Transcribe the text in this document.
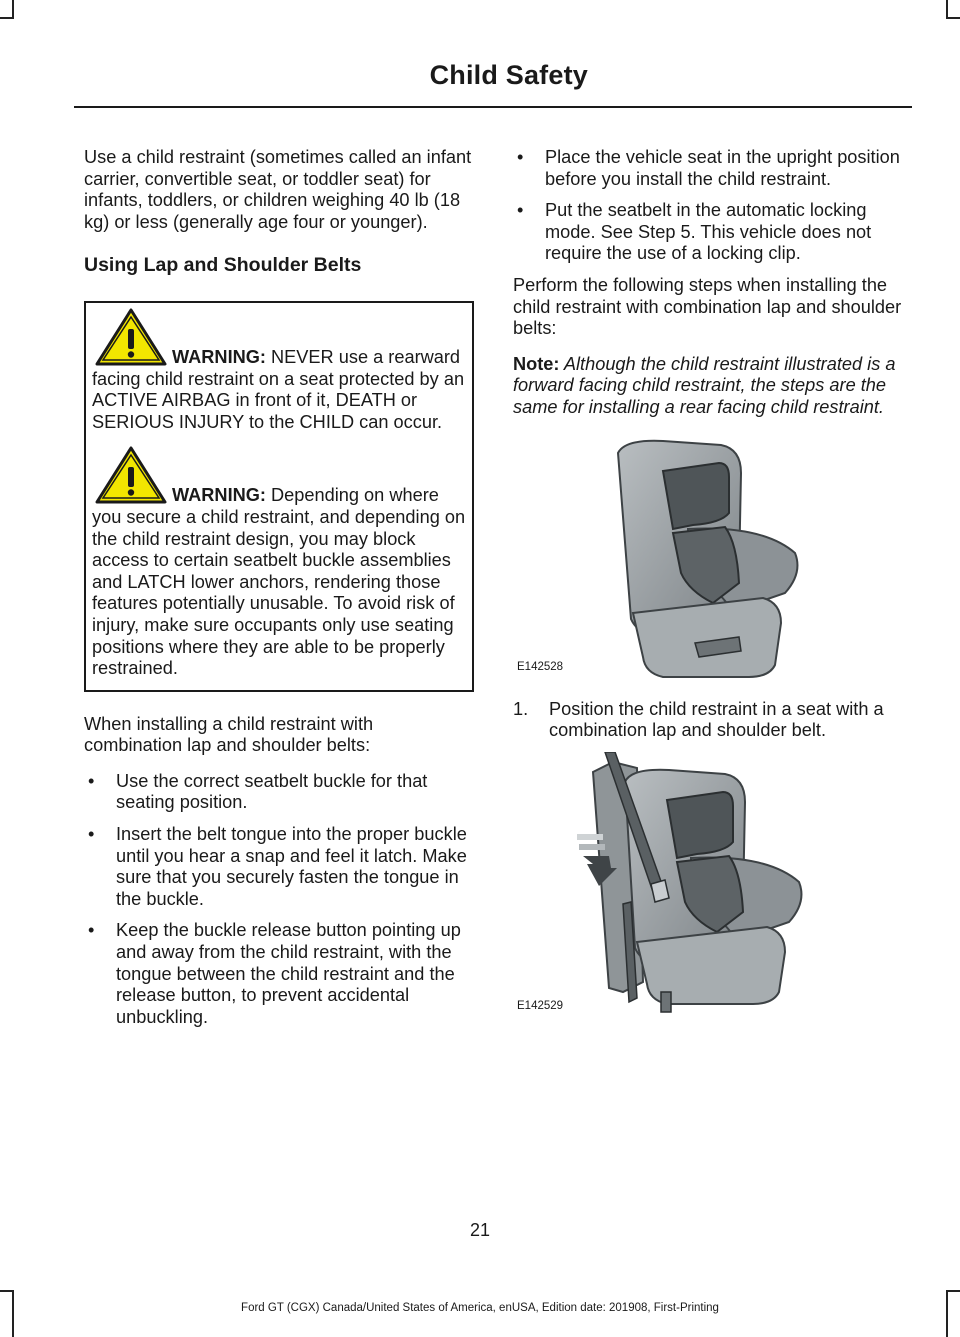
Child Safety

Use a child restraint (sometimes called an infant carrier, convertible seat, or toddler seat) for infants, toddlers, or children weighing 40 lb (18 kg) or less (generally age four or younger).

Using Lap and Shoulder Belts
WARNING: NEVER use a rearward facing child restraint on a seat protected by an ACTIVE AIRBAG in front of it, DEATH or SERIOUS INJURY to the CHILD can occur.
WARNING: Depending on where you secure a child restraint, and depending on the child restraint design, you may block access to certain seatbelt buckle assemblies and LATCH lower anchors, rendering those features potentially unusable. To avoid risk of injury, make sure occupants only use seating positions where they are able to be properly restrained.

When installing a child restraint with combination lap and shoulder belts:

• Use the correct seatbelt buckle for that seating position.
• Insert the belt tongue into the proper buckle until you hear a snap and feel it latch. Make sure that you securely fasten the tongue in the buckle.
• Keep the buckle release button pointing up and away from the child restraint, with the tongue between the child restraint and the release button, to prevent accidental unbuckling.
• Place the vehicle seat in the upright position before you install the child restraint.
• Put the seatbelt in the automatic locking mode. See Step 5. This vehicle does not require the use of a locking clip.

Perform the following steps when installing the child restraint with combination lap and shoulder belts:

Note: Although the child restraint illustrated is a forward facing child restraint, the steps are the same for installing a rear facing child restraint.

E142528
1. Position the child restraint in a seat with a combination lap and shoulder belt.
E142529
21
Ford GT (CGX) Canada/United States of America, enUSA, Edition date: 201908, First-Printing
